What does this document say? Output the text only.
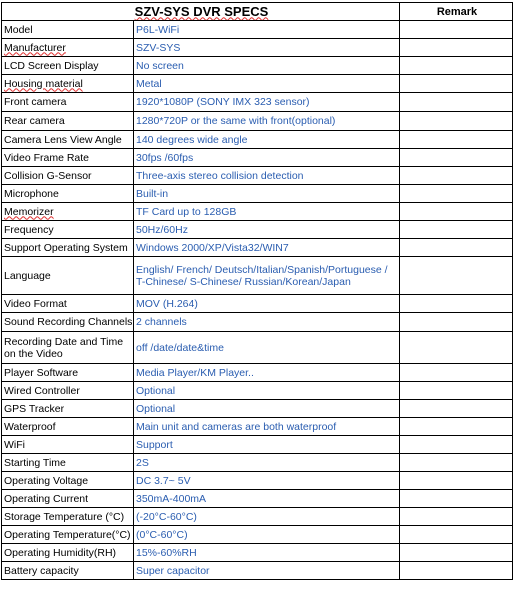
SZV-SYS DVR SPECS		Remark
Model	P6L-WiFi	
Manufacturer	SZV-SYS	
LCD Screen Display	No screen	
Housing material	Metal	
Front camera	1920*1080P (SONY IMX 323 sensor)	
Rear camera	1280*720P or the same with front(optional)	
Camera Lens View Angle	140 degrees wide angle	
Video Frame Rate	30fps /60fps	
Collision G-Sensor	Three-axis stereo collision detection	
Microphone	Built-in	
Memorizer	TF Card up to 128GB	
Frequency	50Hz/60Hz	
Support Operating System	Windows 2000/XP/Vista32/WIN7	
Language	English/ French/ Deutsch/Italian/Spanish/Portuguese / T-Chinese/ S-Chinese/ Russian/Korean/Japan	
Video Format	MOV (H.264)	
Sound Recording Channels	2 channels	
Recording Date and Time on the Video	off /date/date&time	
Player Software	Media Player/KM Player..	
Wired Controller	Optional	
GPS Tracker	Optional	
Waterproof	Main unit and cameras are both waterproof	
WiFi	Support	
Starting Time	2S	
Operating Voltage	DC 3.7~ 5V	
Operating Current	350mA-400mA	
Storage Temperature (°C)	(-20°C-60°C)	
Operating Temperature(°C)	(0°C-60°C)	
Operating Humidity(RH)	15%-60%RH	
Battery capacity	Super capacitor	
